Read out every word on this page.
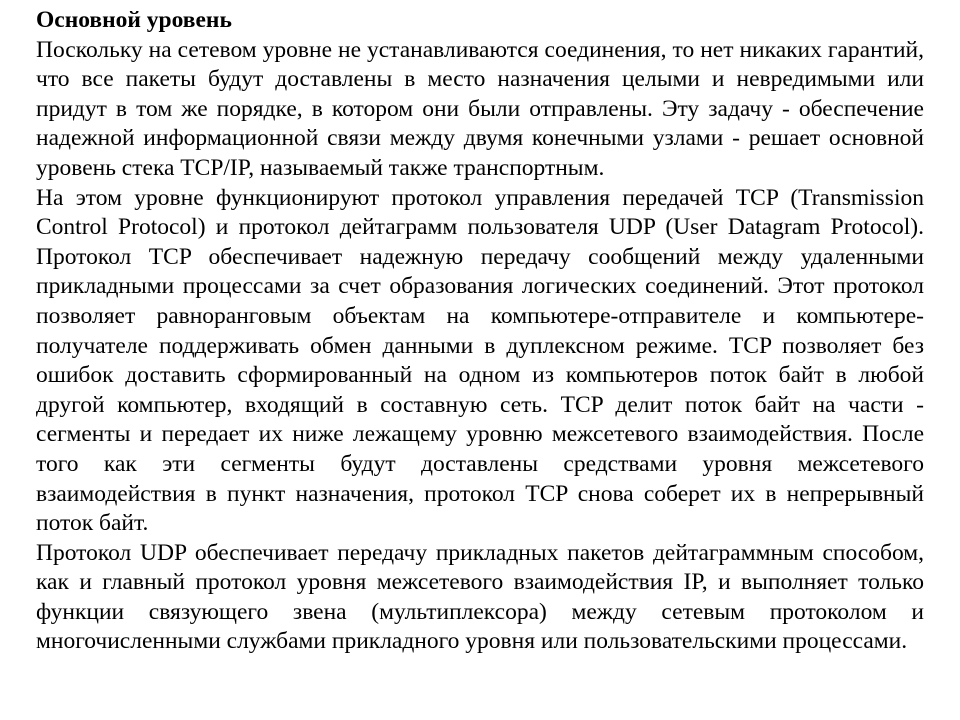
Основной уровень

Поскольку на сетевом уровне не устанавливаются соединения, то нет никаких гарантий, что все пакеты будут доставлены в место назначения целыми и невредимыми или придут в том же порядке, в котором они были отправлены. Эту задачу - обеспечение надежной информационной связи между двумя конечными узлами - решает основной уровень стека TCP/IP, называемый также транспортным.

На этом уровне функционируют протокол управления передачей TCP (Transmission Control Protocol) и протокол дейтаграмм пользователя UDP (User Datagram Protocol). Протокол TCP обеспечивает надежную передачу сообщений между удаленными прикладными процессами за счет образования логических соединений. Этот протокол позволяет равноранговым объектам на компьютере-отправителе и компьютере-получателе поддерживать обмен данными в дуплексном режиме. TCP позволяет без ошибок доставить сформированный на одном из компьютеров поток байт в любой другой компьютер, входящий в составную сеть. TCP делит поток байт на части - сегменты и передает их ниже лежащему уровню межсетевого взаимодействия. После того как эти сегменты будут доставлены средствами уровня межсетевого взаимодействия в пункт назначения, протокол TCP снова соберет их в непрерывный поток байт.

Протокол UDP обеспечивает передачу прикладных пакетов дейтаграммным способом, как и главный протокол уровня межсетевого взаимодействия IP, и выполняет только функции связующего звена (мультиплексора) между сетевым протоколом и многочисленными службами прикладного уровня или пользовательскими процессами.
